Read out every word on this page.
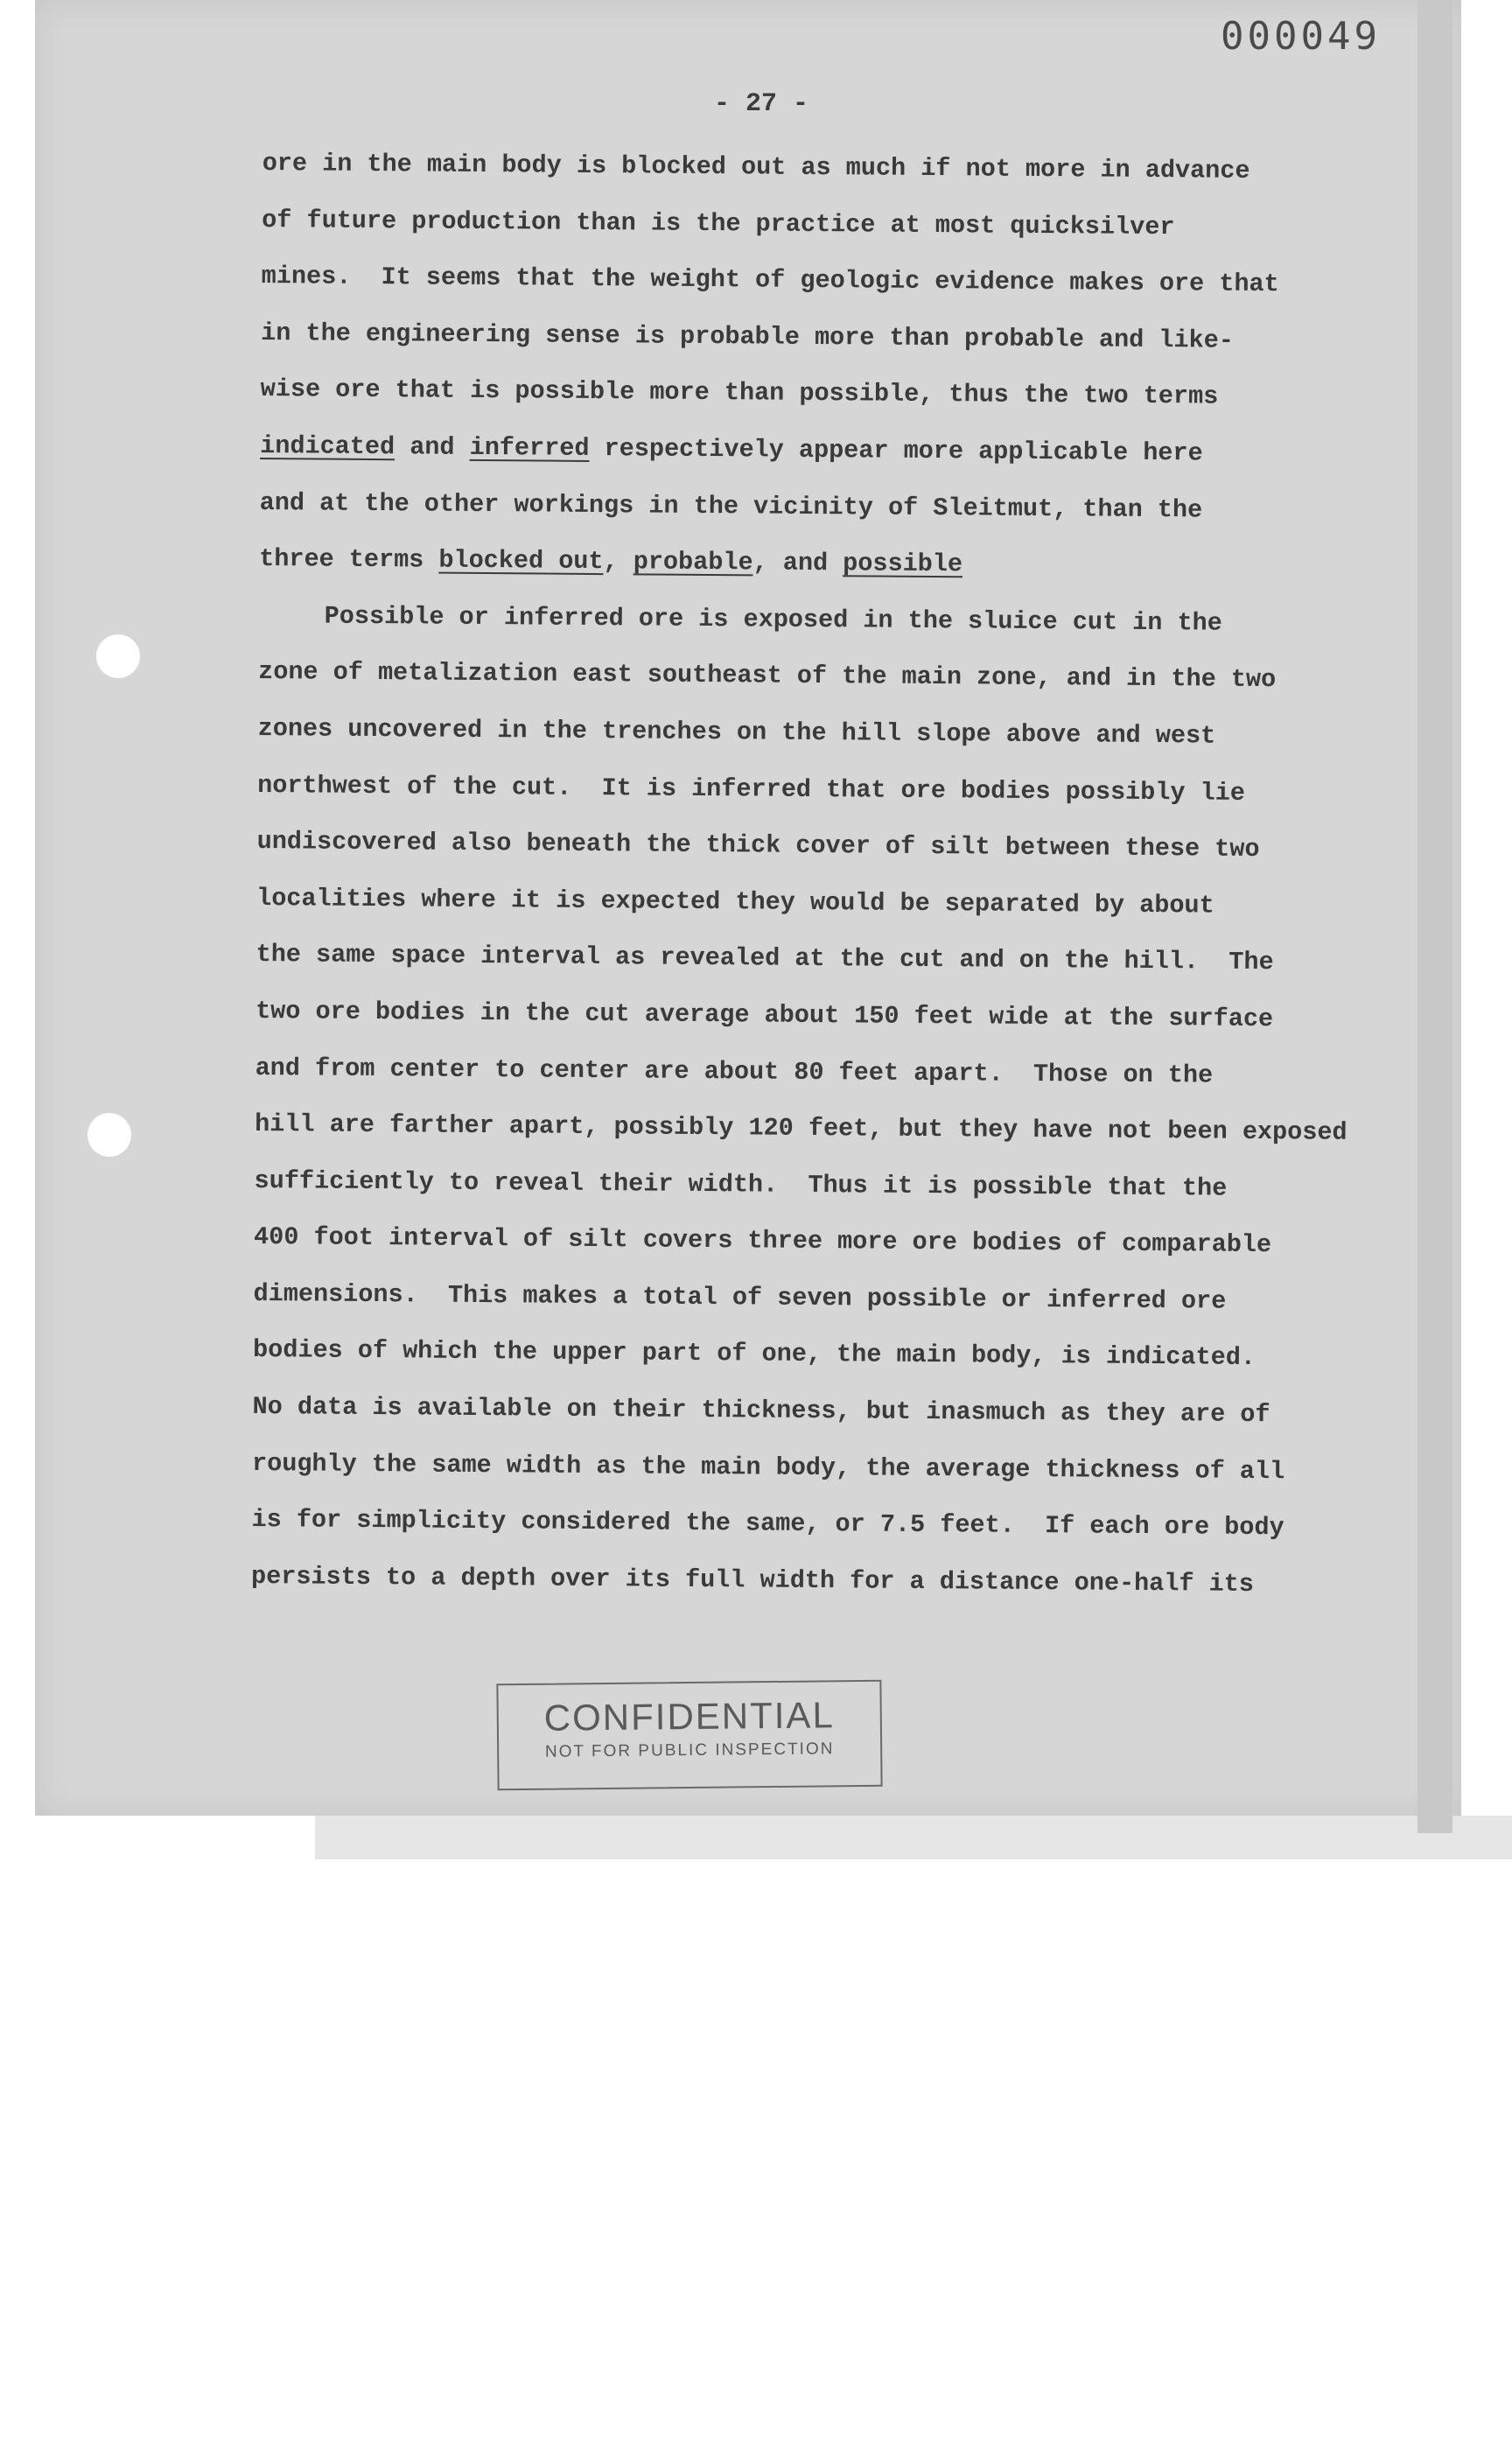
000049
- 27 -
ore in the main body is blocked out as much if not more in advance
of future production than is the practice at most quicksilver
mines.  It seems that the weight of geologic evidence makes ore that
in the engineering sense is probable more than probable and like-
wise ore that is possible more than possible, thus the two terms
indicated and inferred respectively appear more applicable here
and at the other workings in the vicinity of Sleitmut, than the
three terms blocked out, probable, and possible
Possible or inferred ore is exposed in the sluice cut in the
zone of metalization east southeast of the main zone, and in the two
zones uncovered in the trenches on the hill slope above and west
northwest of the cut.  It is inferred that ore bodies possibly lie
undiscovered also beneath the thick cover of silt between these two
localities where it is expected they would be separated by about
the same space interval as revealed at the cut and on the hill.  The
two ore bodies in the cut average about 150 feet wide at the surface
and from center to center are about 80 feet apart.  Those on the
hill are farther apart, possibly 120 feet, but they have not been exposed
sufficiently to reveal their width.  Thus it is possible that the
400 foot interval of silt covers three more ore bodies of comparable
dimensions.  This makes a total of seven possible or inferred ore
bodies of which the upper part of one, the main body, is indicated.
No data is available on their thickness, but inasmuch as they are of
roughly the same width as the main body, the average thickness of all
is for simplicity considered the same, or 7.5 feet.  If each ore body
persists to a depth over its full width for a distance one-half its
CONFIDENTIAL
NOT FOR PUBLIC INSPECTION
